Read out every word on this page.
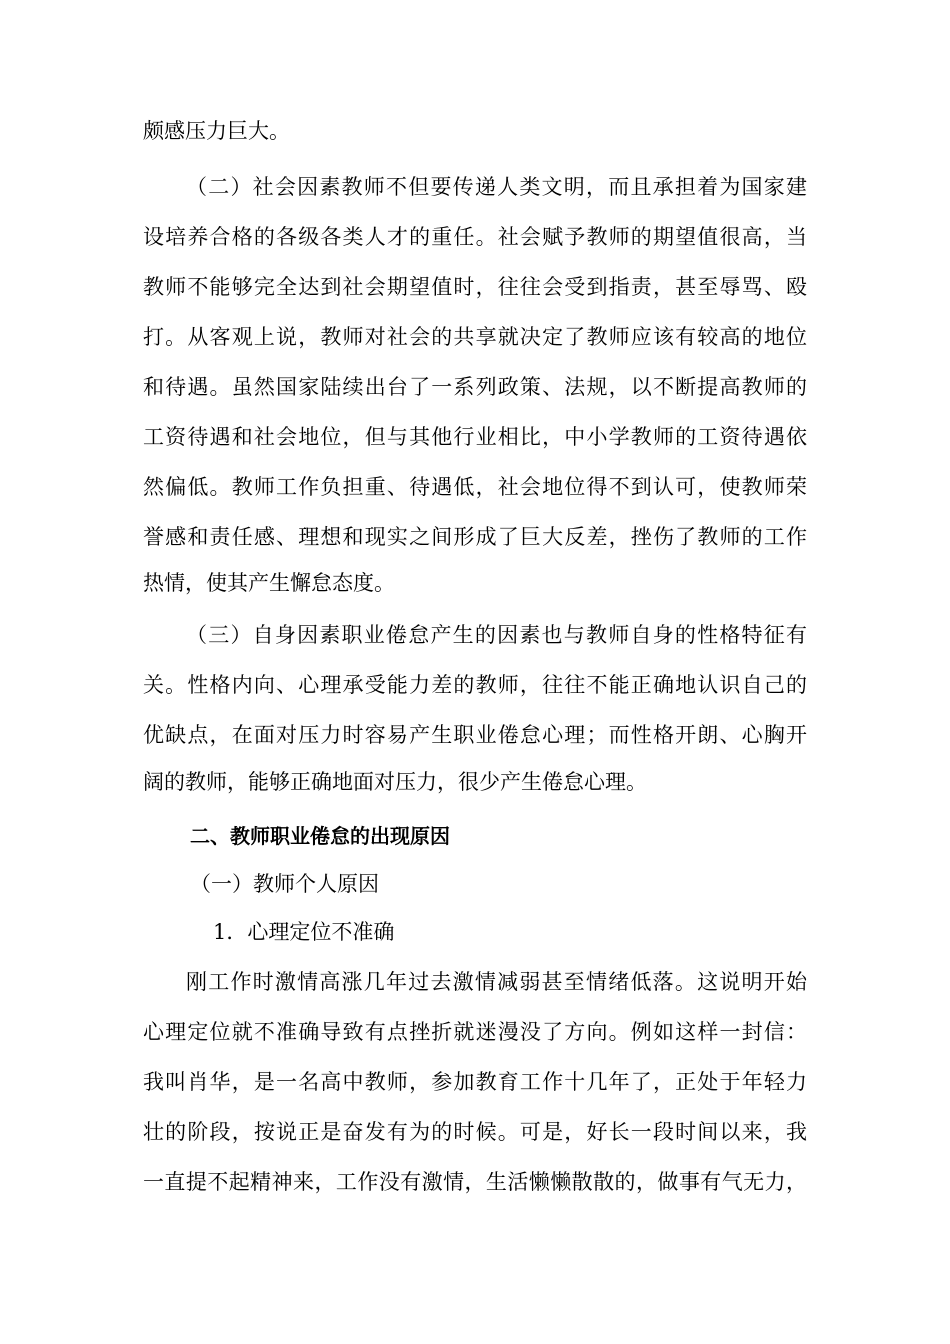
颇感压力巨大。
（二）社会因素教师不但要传递人类文明，而且承担着为国家建
设培养合格的各级各类人才的重任。社会赋予教师的期望值很高，当
教师不能够完全达到社会期望值时，往往会受到指责，甚至辱骂、殴
打。从客观上说，教师对社会的共享就决定了教师应该有较高的地位
和待遇。虽然国家陆续出台了一系列政策、法规，以不断提高教师的
工资待遇和社会地位，但与其他行业相比，中小学教师的工资待遇依
然偏低。教师工作负担重、待遇低，社会地位得不到认可，使教师荣
誉感和责任感、理想和现实之间形成了巨大反差，挫伤了教师的工作
热情，使其产生懈怠态度。
（三）自身因素职业倦怠产生的因素也与教师自身的性格特征有
关。性格内向、心理承受能力差的教师，往往不能正确地认识自己的
优缺点，在面对压力时容易产生职业倦怠心理；而性格开朗、心胸开
阔的教师，能够正确地面对压力，很少产生倦怠心理。
二、教师职业倦怠的出现原因
（一）教师个人原因
1．心理定位不准确
刚工作时激情高涨几年过去激情减弱甚至情绪低落。这说明开始
心理定位就不准确导致有点挫折就迷漫没了方向。例如这样一封信：
我叫肖华，是一名高中教师，参加教育工作十几年了，正处于年轻力
壮的阶段，按说正是奋发有为的时候。可是，好长一段时间以来，我
一直提不起精神来，工作没有激情，生活懒懒散散的，做事有气无力，
